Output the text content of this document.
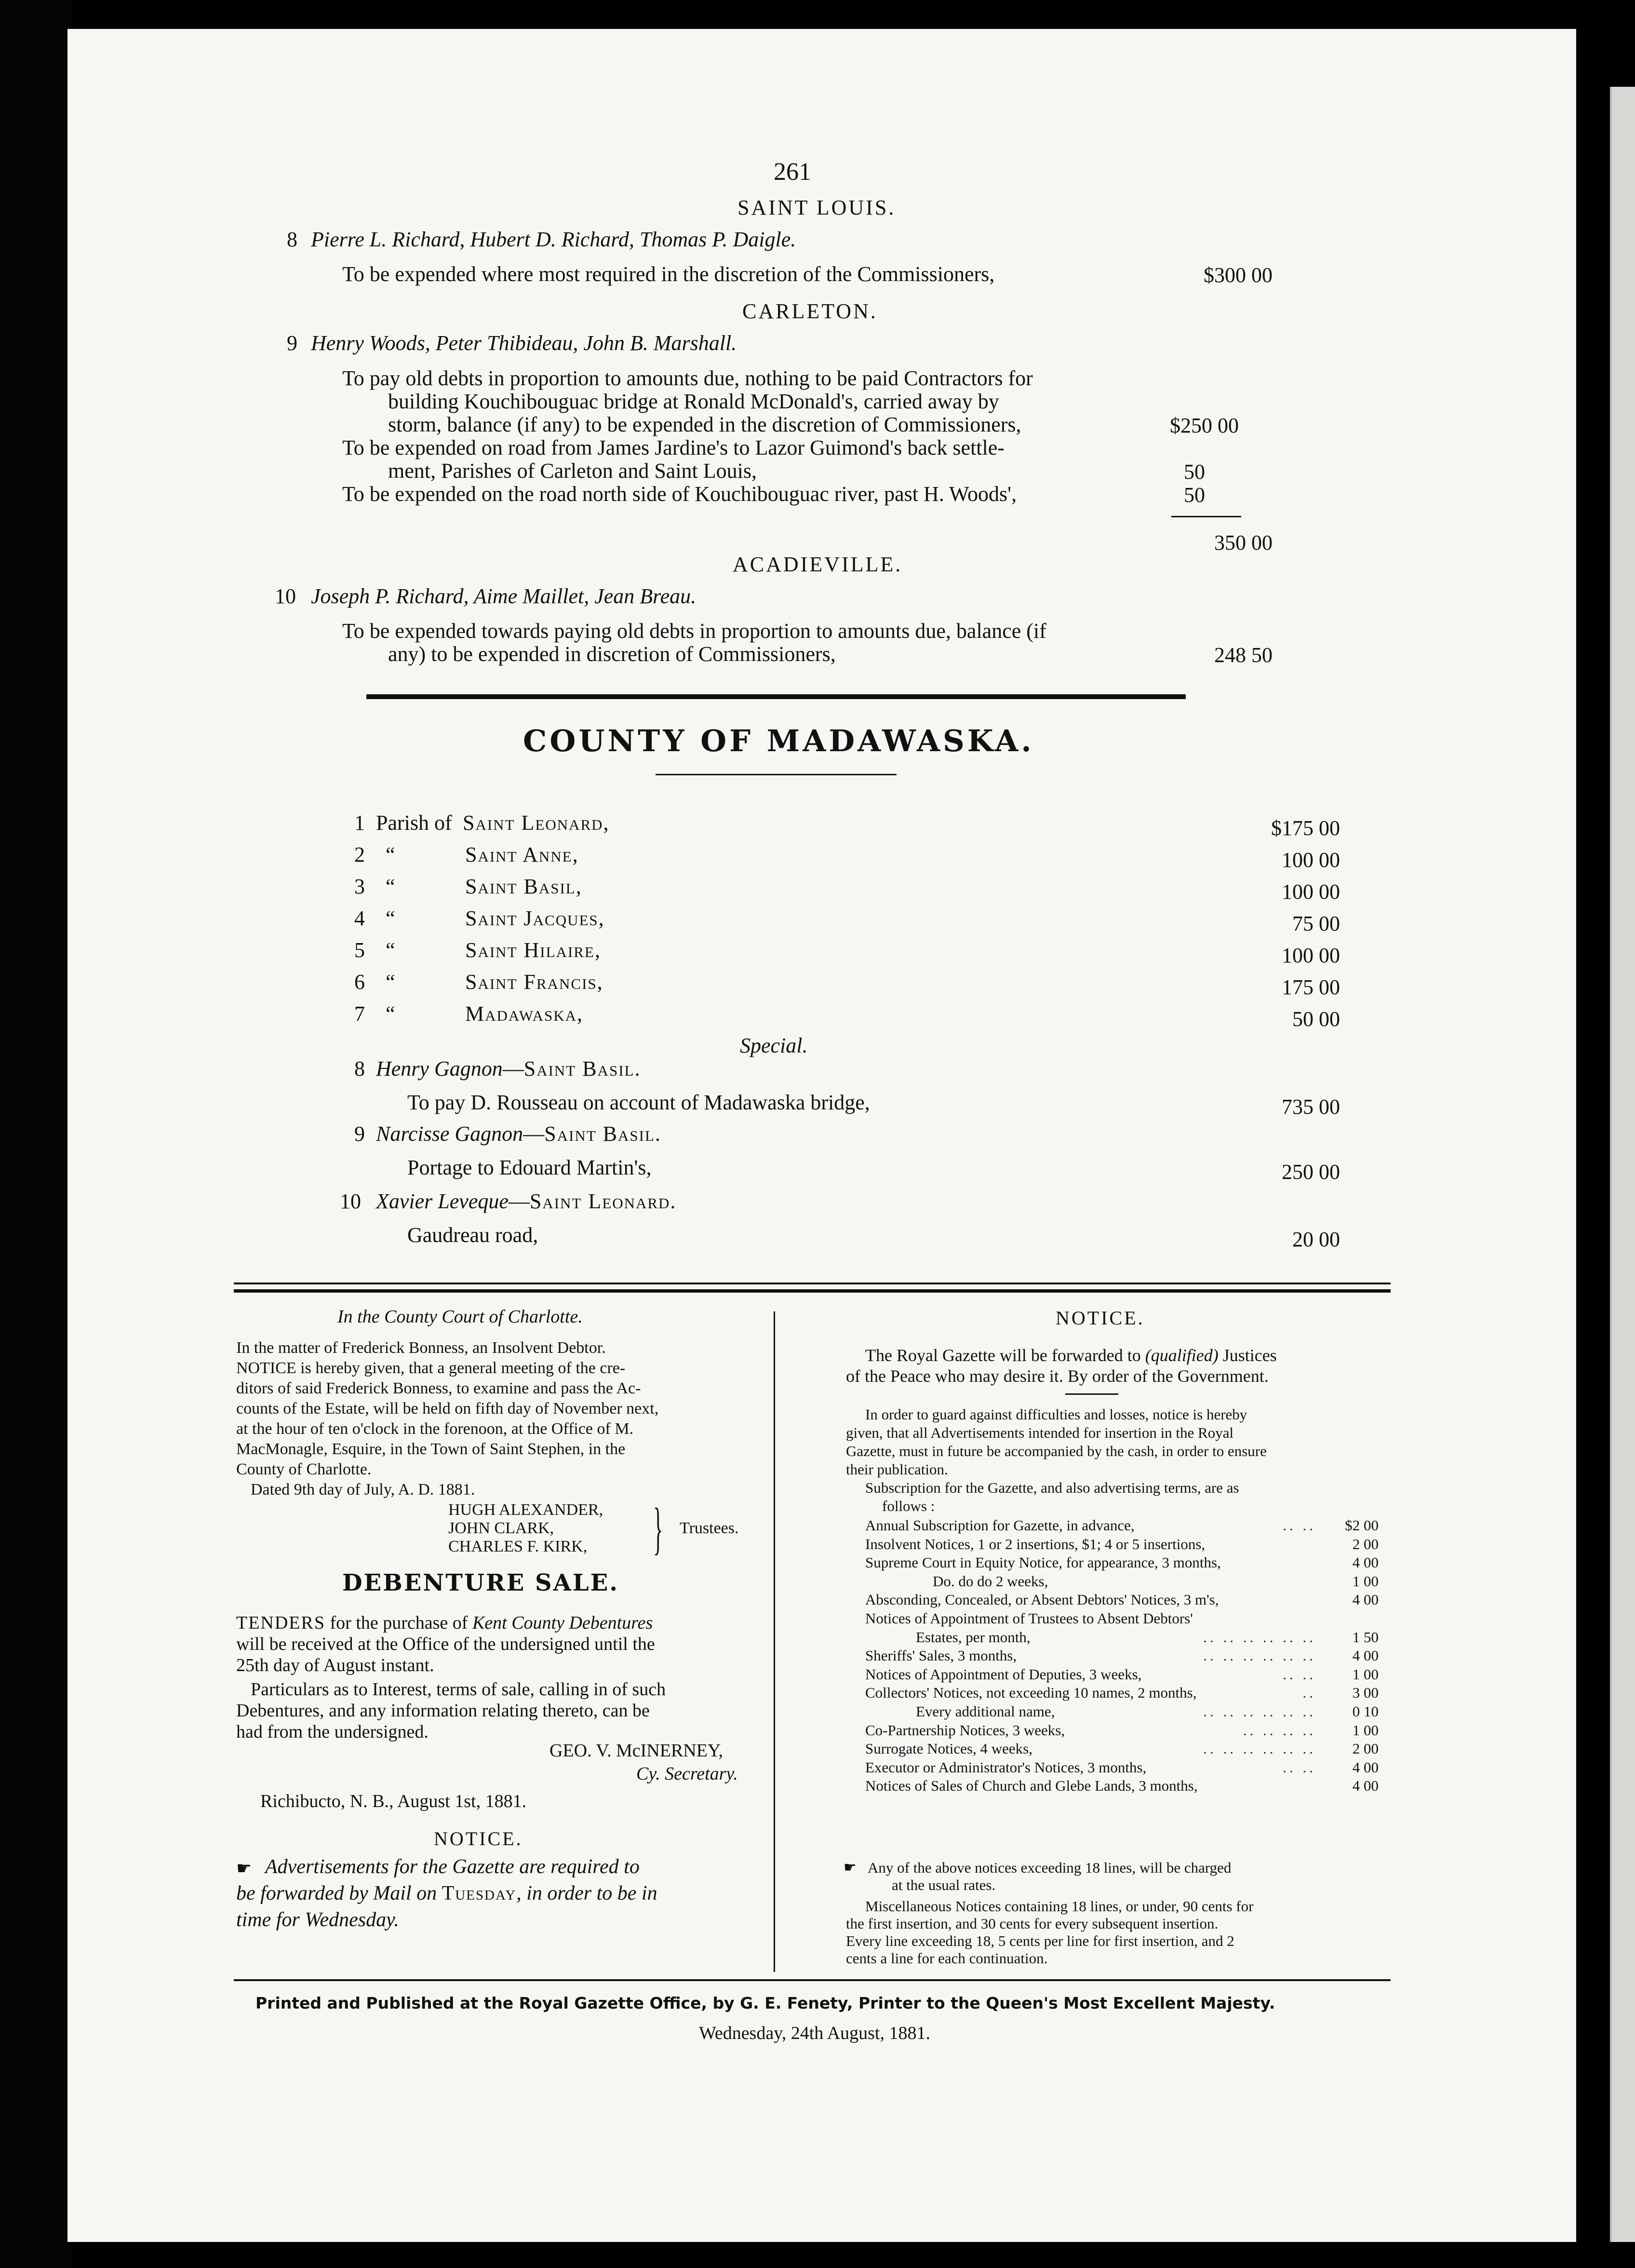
261
SAINT LOUIS.
8 Pierre L. Richard, Hubert D. Richard, Thomas P. Daigle.
To be expended where most required in the discretion of the Commissioners,	$300 00
CARLETON.
9 Henry Woods, Peter Thibideau, John B. Marshall.
To pay old debts in proportion to amounts due, nothing to be paid Contractors for
building Kouchibouguac bridge at Ronald McDonald's, carried away by
storm, balance (if any) to be expended in the discretion of Commissioners,	$250 00
To be expended on road from James Jardine's to Lazor Guimond's back settle-
ment, Parishes of Carleton and Saint Louis,	50
To be expended on the road north side of Kouchibouguac river, past H. Woods',	50
350 00
ACADIEVILLE.
10 Joseph P. Richard, Aime Maillet, Jean Breau.
To be expended towards paying old debts in proportion to amounts due, balance (if
any) to be expended in discretion of Commissioners,	248 50
COUNTY OF MADAWASKA.
1 Parish of Saint Leonard,	$175 00
2 “	Saint Anne,	100 00
3 “	Saint Basil,	100 00
4 “	Saint Jacques,	75 00
5 “	Saint Hilaire,	100 00
6 “	Saint Francis,	175 00
7 “	Madawaska,	50 00
Special.
8 Henry Gagnon—Saint Basil.
To pay D. Rousseau on account of Madawaska bridge,	735 00
9 Narcisse Gagnon—Saint Basil.
Portage to Edouard Martin's,	250 00
10 Xavier Leveque—Saint Leonard.
Gaudreau road,	20 00
In the County Court of Charlotte.
In the matter of Frederick Bonness, an Insolvent Debtor.
NOTICE is hereby given, that a general meeting of the cre-
ditors of said Frederick Bonness, to examine and pass the Ac-
counts of the Estate, will be held on fifth day of November next,
at the hour of ten o'clock in the forenoon, at the Office of M.
MacMonagle, Esquire, in the Town of Saint Stephen, in the
County of Charlotte.
Dated 9th day of July, A. D. 1881.
HUGH ALEXANDER,
JOHN CLARK,
CHARLES F. KIRK, } Trustees.
DEBENTURE SALE.
TENDERS for the purchase of Kent County Debentures
will be received at the Office of the undersigned until the
25th day of August instant.
Particulars as to Interest, terms of sale, calling in of such
Debentures, and any information relating thereto, can be
had from the undersigned.
GEO. V. McINERNEY,
Cy. Secretary.
Richibucto, N. B., August 1st, 1881.
NOTICE.
☛ Advertisements for the Gazette are required to
be forwarded by Mail on Tuesday, in order to be in
time for Wednesday.
NOTICE.
The Royal Gazette will be forwarded to (qualified) Justices
of the Peace who may desire it. By order of the Government.
In order to guard against difficulties and losses, notice is hereby
given, that all Advertisements intended for insertion in the Royal
Gazette, must in future be accompanied by the cash, in order to ensure
their publication.
Subscription for the Gazette, and also advertising terms, are as
follows :
Annual Subscription for Gazette, in advance,	.. ..	$2 00
Insolvent Notices, 1 or 2 insertions, $1; 4 or 5 insertions,	2 00
Supreme Court in Equity Notice, for appearance, 3 months,	4 00
Do. do do 2 weeks,	1 00
Absconding, Concealed, or Absent Debtors' Notices, 3 m's,	4 00
Notices of Appointment of Trustees to Absent Debtors'
Estates, per month,	.. .. .. .. .. ..	1 50
Sheriffs' Sales, 3 months,	.. .. .. .. .. ..	4 00
Notices of Appointment of Deputies, 3 weeks,	.. ..	1 00
Collectors' Notices, not exceeding 10 names, 2 months,	..	3 00
Every additional name,	.. .. .. .. .. ..	0 10
Co-Partnership Notices, 3 weeks,	.. .. .. ..	1 00
Surrogate Notices, 4 weeks,	.. .. .. .. .. ..	2 00
Executor or Administrator's Notices, 3 months,	.. ..	4 00
Notices of Sales of Church and Glebe Lands, 3 months,	4 00
☛ Any of the above notices exceeding 18 lines, will be charged
at the usual rates.
Miscellaneous Notices containing 18 lines, or under, 90 cents for
the first insertion, and 30 cents for every subsequent insertion.
Every line exceeding 18, 5 cents per line for first insertion, and 2
cents a line for each continuation.
Printed and Published at the Royal Gazette Office, by G. E. Fenety, Printer to the Queen's Most Excellent Majesty.
Wednesday, 24th August, 1881.
